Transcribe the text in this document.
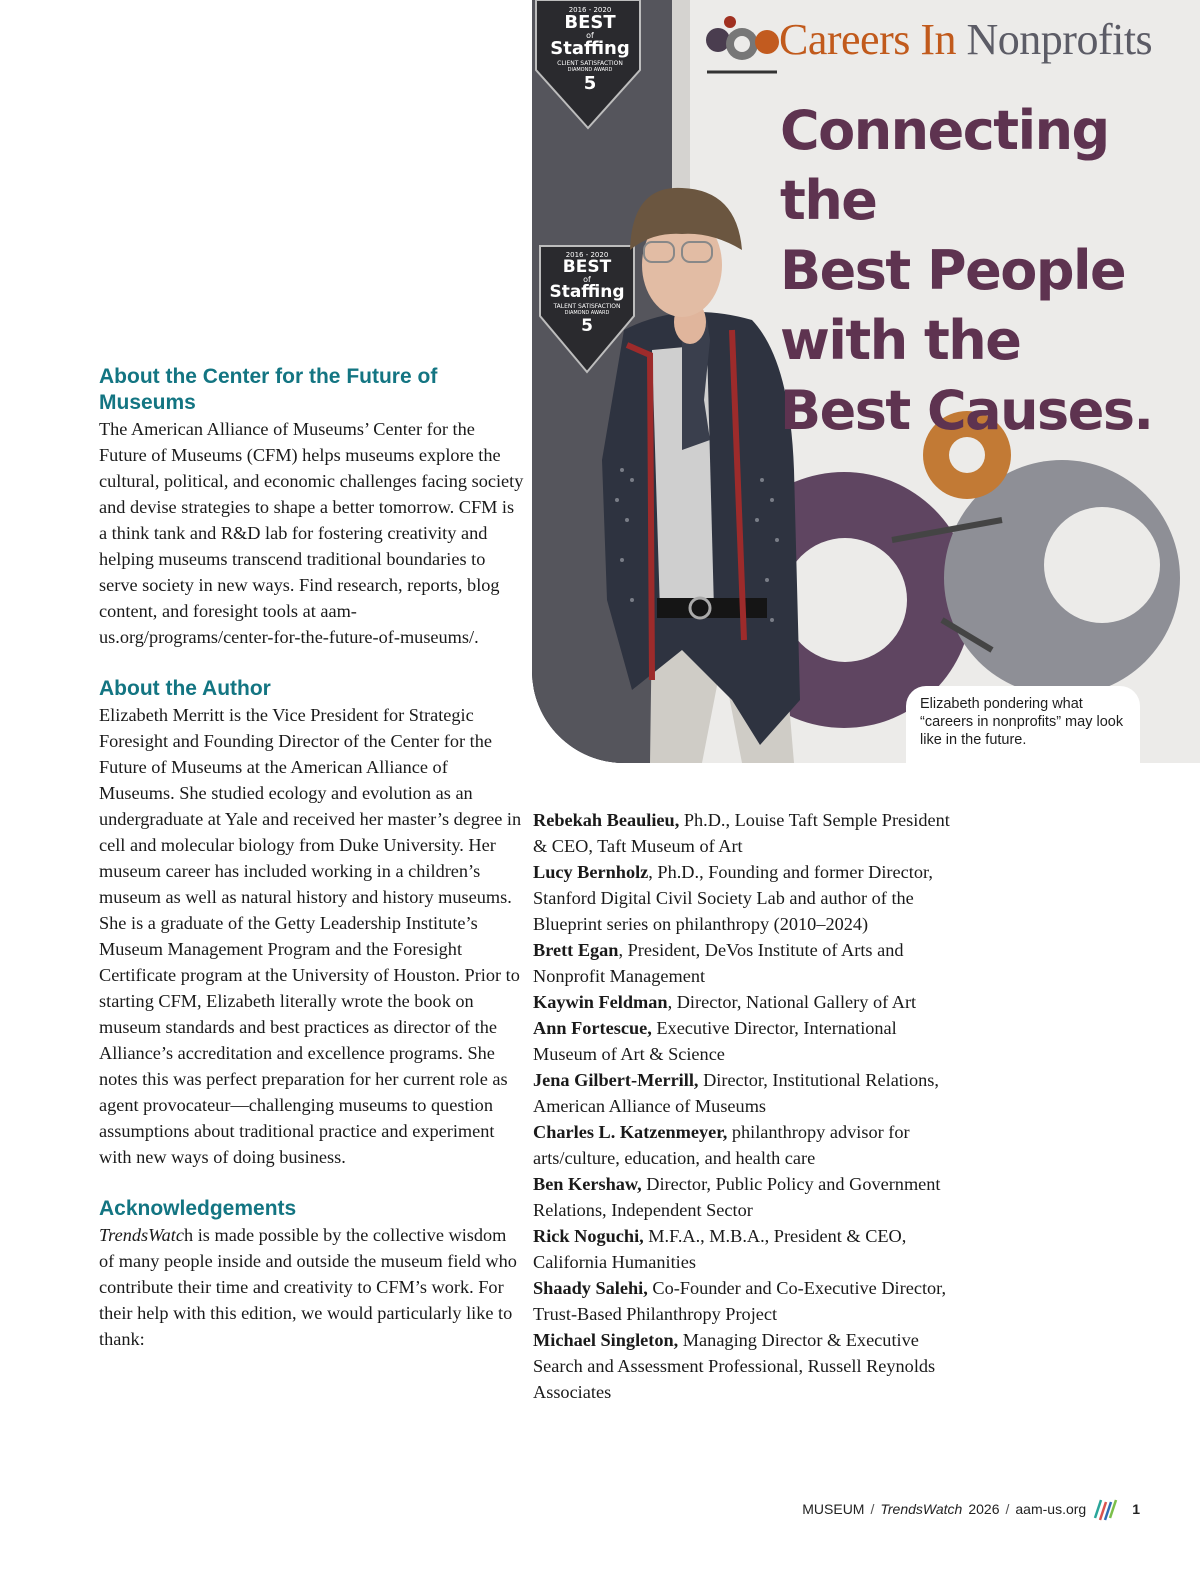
2016 - 2020
BEST
of
Staffing
CLIENT SATISFACTION
DIAMOND AWARD
5
2016 - 2020
BEST
of
Staffing
TALENT SATISFACTION
DIAMOND AWARD
5
Careers In Nonprofits
Connecting the
Best People
with the
Best Causes.
Elizabeth pondering what “careers in nonprofits” may look like in the future.
About the Center for the Future of Museums

The American Alliance of Museums’ Center for the Future of Museums (CFM) helps museums explore the cultural, political, and economic challenges facing society and devise strategies to shape a better tomorrow. CFM is a think tank and R&D lab for fostering creativity and helping museums transcend traditional boundaries to serve society in new ways. Find research, reports, blog content, and foresight tools at aam-us.org/programs/center-for-the-future-of-museums/.

About the Author

Elizabeth Merritt is the Vice President for Strategic Foresight and Founding Director of the Center for the Future of Museums at the American Alliance of Museums. She studied ecology and evolution as an undergraduate at Yale and received her master’s degree in cell and molecular biology from Duke University. Her museum career has included working in a children’s museum as well as natural history and history museums. She is a graduate of the Getty Leadership Institute’s Museum Management Program and the Foresight Certificate program at the University of Houston. Prior to starting CFM, Elizabeth literally wrote the book on museum standards and best practices as director of the Alliance’s accreditation and excellence programs. She notes this was perfect preparation for her current role as agent provocateur—challenging museums to question assumptions about traditional practice and experiment with new ways of doing business.

Acknowledgements

TrendsWatch is made possible by the collective wisdom of many people inside and outside the museum field who contribute their time and creativity to CFM’s work. For their help with this edition, we would particularly like to thank:

Rebekah Beaulieu, Ph.D., Louise Taft Semple President & CEO, Taft Museum of Art
Lucy Bernholz, Ph.D., Founding and former Director, Stanford Digital Civil Society Lab and author of the Blueprint series on philanthropy (2010–2024)
Brett Egan, President, DeVos Institute of Arts and Nonprofit Management
Kaywin Feldman, Director, National Gallery of Art
Ann Fortescue, Executive Director, International Museum of Art & Science
Jena Gilbert-Merrill, Director, Institutional Relations, American Alliance of Museums
Charles L. Katzenmeyer, philanthropy advisor for arts/culture, education, and health care
Ben Kershaw, Director, Public Policy and Government Relations, Independent Sector
Rick Noguchi, M.F.A., M.B.A., President & CEO, California Humanities
Shaady Salehi, Co-Founder and Co-Executive Director, Trust-Based Philanthropy Project
Michael Singleton, Managing Director & Executive Search and Assessment Professional, Russell Reynolds Associates
MUSEUM / TrendsWatch 2026 / aam-us.org	1
